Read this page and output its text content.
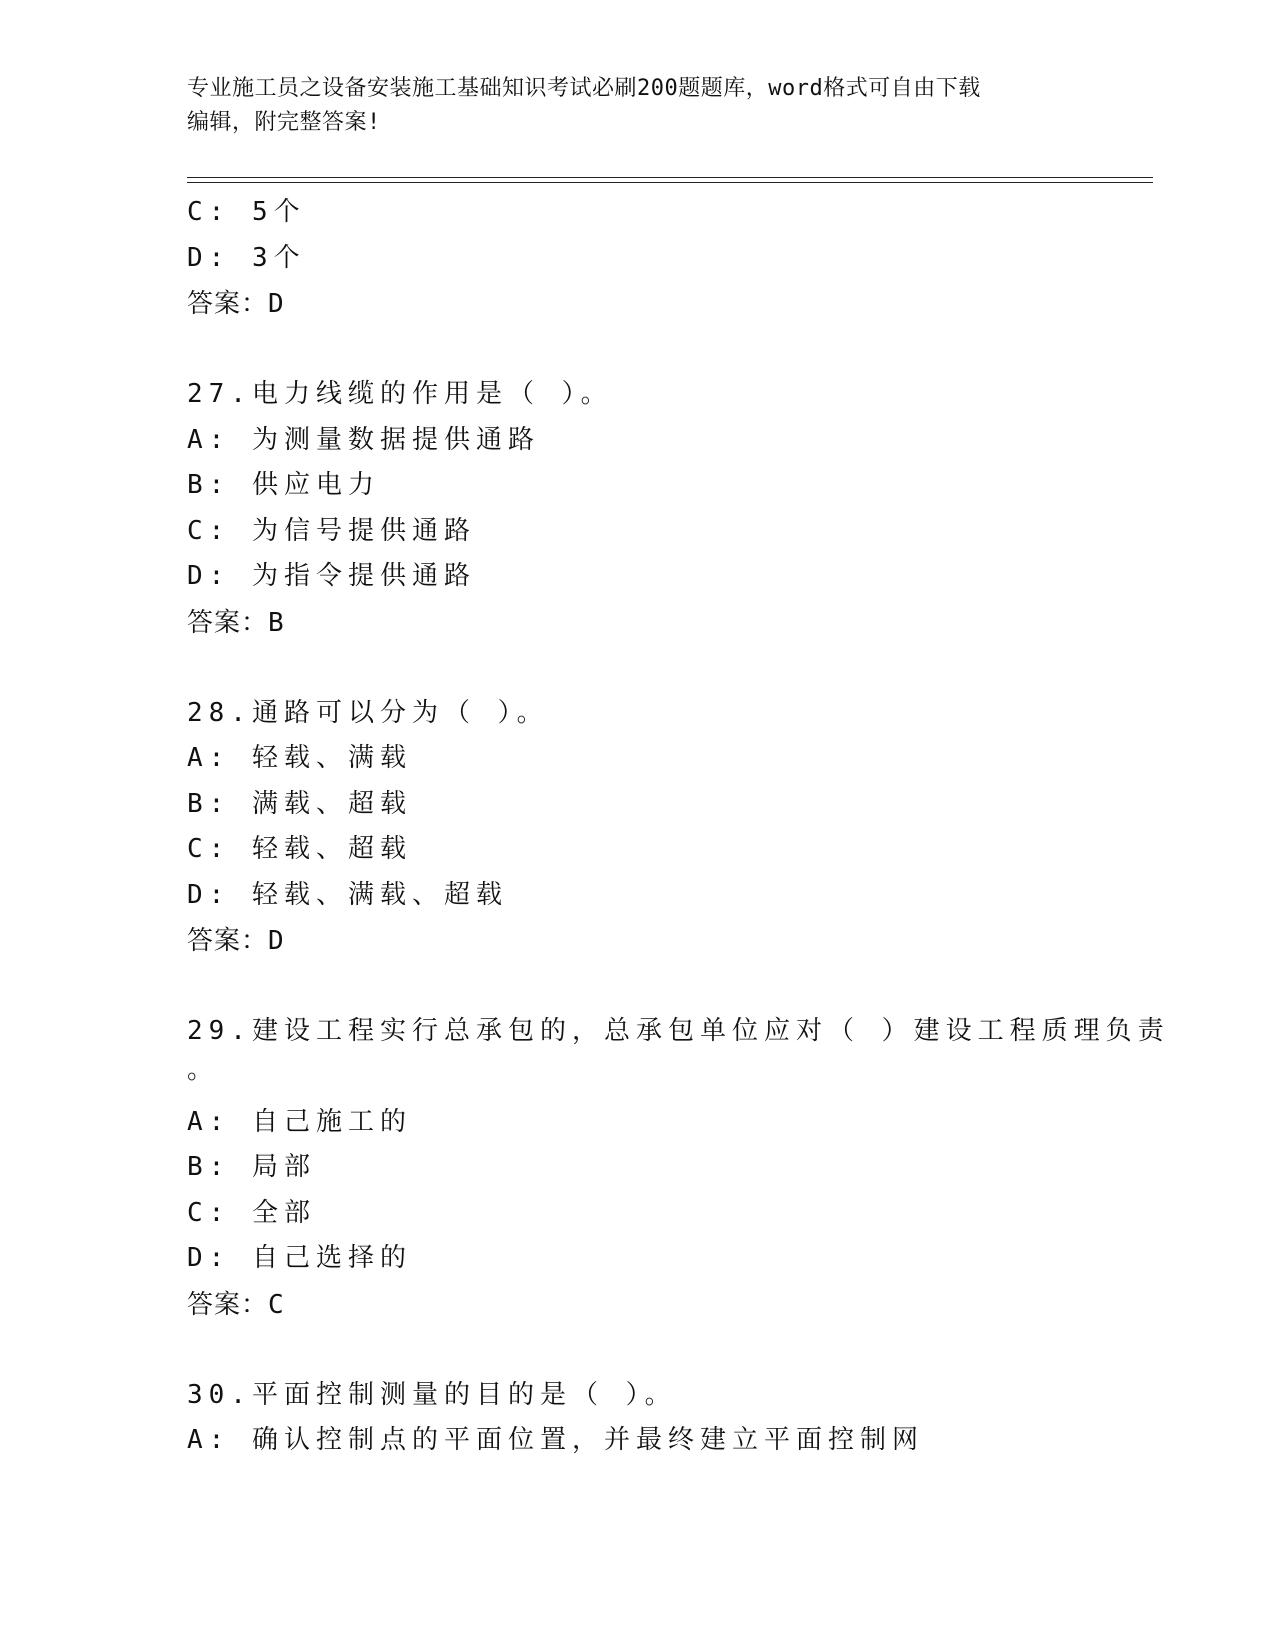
专业施工员之设备安装施工基础知识考试必刷200题题库，word格式可自由下载
编辑，附完整答案!
C: 5个
D: 3个
答案：D
27.电力线缆的作用是（ ）。
A: 为测量数据提供通路
B: 供应电力
C: 为信号提供通路
D: 为指令提供通路
答案：B
28.通路可以分为（ ）。
A: 轻载、满载
B: 满载、超载
C: 轻载、超载
D: 轻载、满载、超载
答案：D
29.建设工程实行总承包的，总承包单位应对（ ）建设工程质理负责
。
A: 自己施工的
B: 局部
C: 全部
D: 自己选择的
答案：C
30.平面控制测量的目的是（ ）。
A: 确认控制点的平面位置，并最终建立平面控制网
